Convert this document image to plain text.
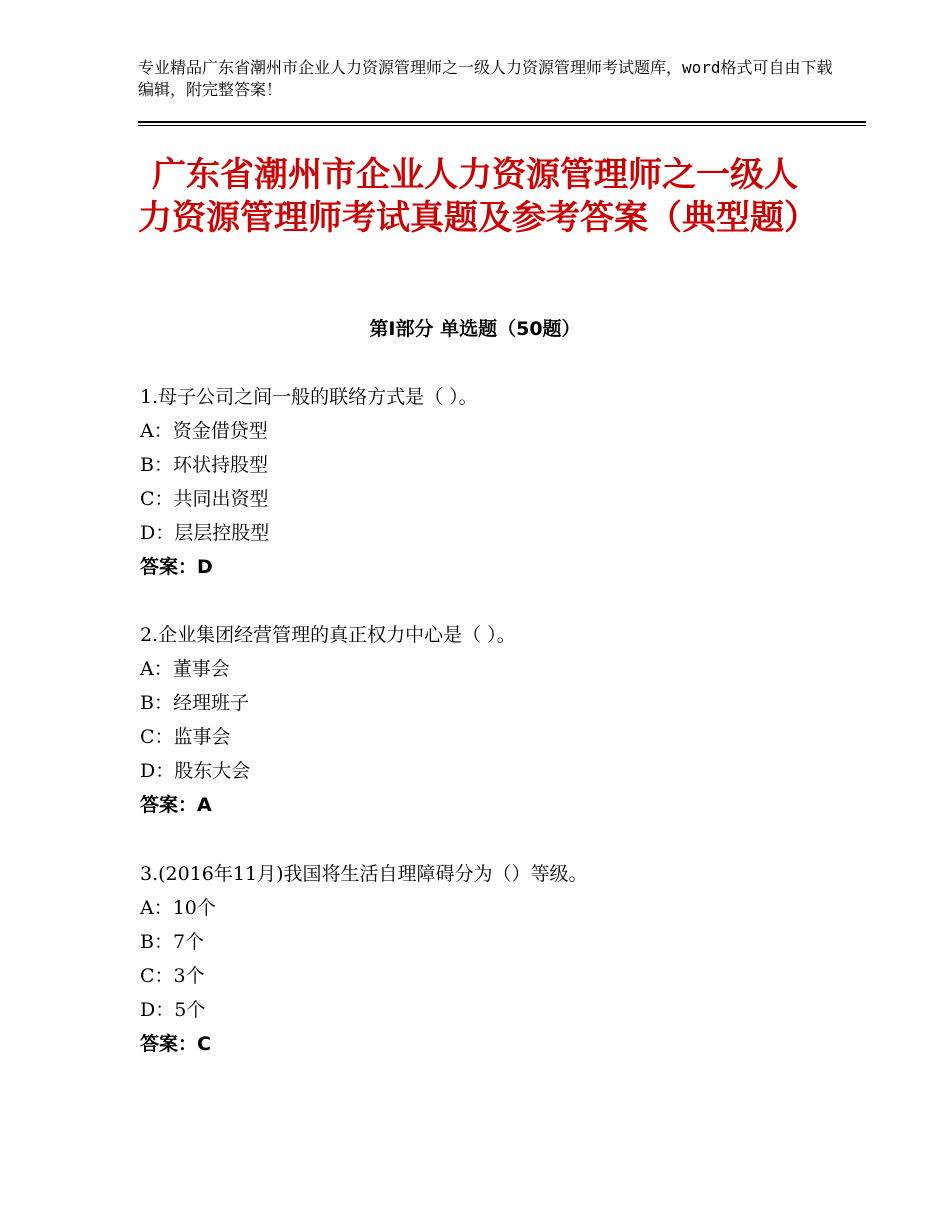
专业精品广东省潮州市企业人力资源管理师之一级人力资源管理师考试题库，word格式可自由下载编辑，附完整答案！
广东省潮州市企业人力资源管理师之一级人力资源管理师考试真题及参考答案（典型题）
第Ⅰ部分 单选题（50题）
1.母子公司之间一般的联络方式是（ ）。
A：资金借贷型
B：环状持股型
C：共同出资型
D：层层控股型
答案：D
2.企业集团经营管理的真正权力中心是（ ）。
A：董事会
B：经理班子
C：监事会
D：股东大会
答案：A
3.(2016年11月)我国将生活自理障碍分为（）等级。
A：10个
B：7个
C：3个
D：5个
答案：C
